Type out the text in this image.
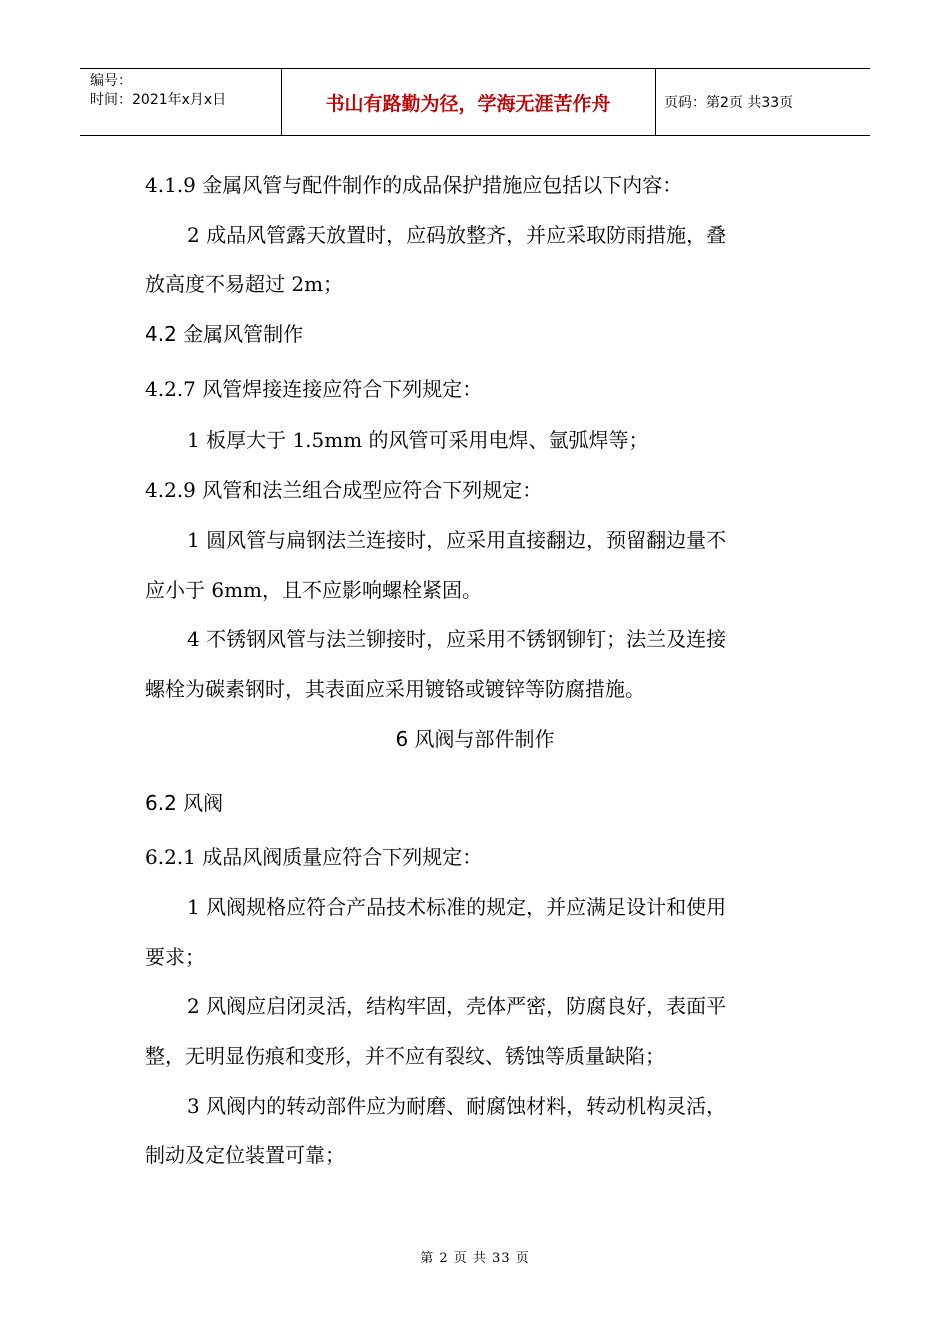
编号：
时间：2021年x月x日	书山有路勤为径，学海无涯苦作舟	页码：第2页 共33页
4.1.9 金属风管与配件制作的成品保护措施应包括以下内容：
2 成品风管露天放置时，应码放整齐，并应采取防雨措施，叠
放高度不易超过 2m；
4.2 金属风管制作
4.2.7 风管焊接连接应符合下列规定：
1 板厚大于 1.5mm 的风管可采用电焊、氩弧焊等；
4.2.9 风管和法兰组合成型应符合下列规定：
1 圆风管与扁钢法兰连接时，应采用直接翻边，预留翻边量不
应小于 6mm，且不应影响螺栓紧固。
4 不锈钢风管与法兰铆接时，应采用不锈钢铆钉；法兰及连接
螺栓为碳素钢时，其表面应采用镀铬或镀锌等防腐措施。
6 风阀与部件制作
6.2 风阀
6.2.1 成品风阀质量应符合下列规定：
1 风阀规格应符合产品技术标准的规定，并应满足设计和使用
要求；
2 风阀应启闭灵活，结构牢固，壳体严密，防腐良好，表面平
整，无明显伤痕和变形，并不应有裂纹、锈蚀等质量缺陷；
3 风阀内的转动部件应为耐磨、耐腐蚀材料，转动机构灵活，
制动及定位装置可靠；
第 2 页 共 33 页
